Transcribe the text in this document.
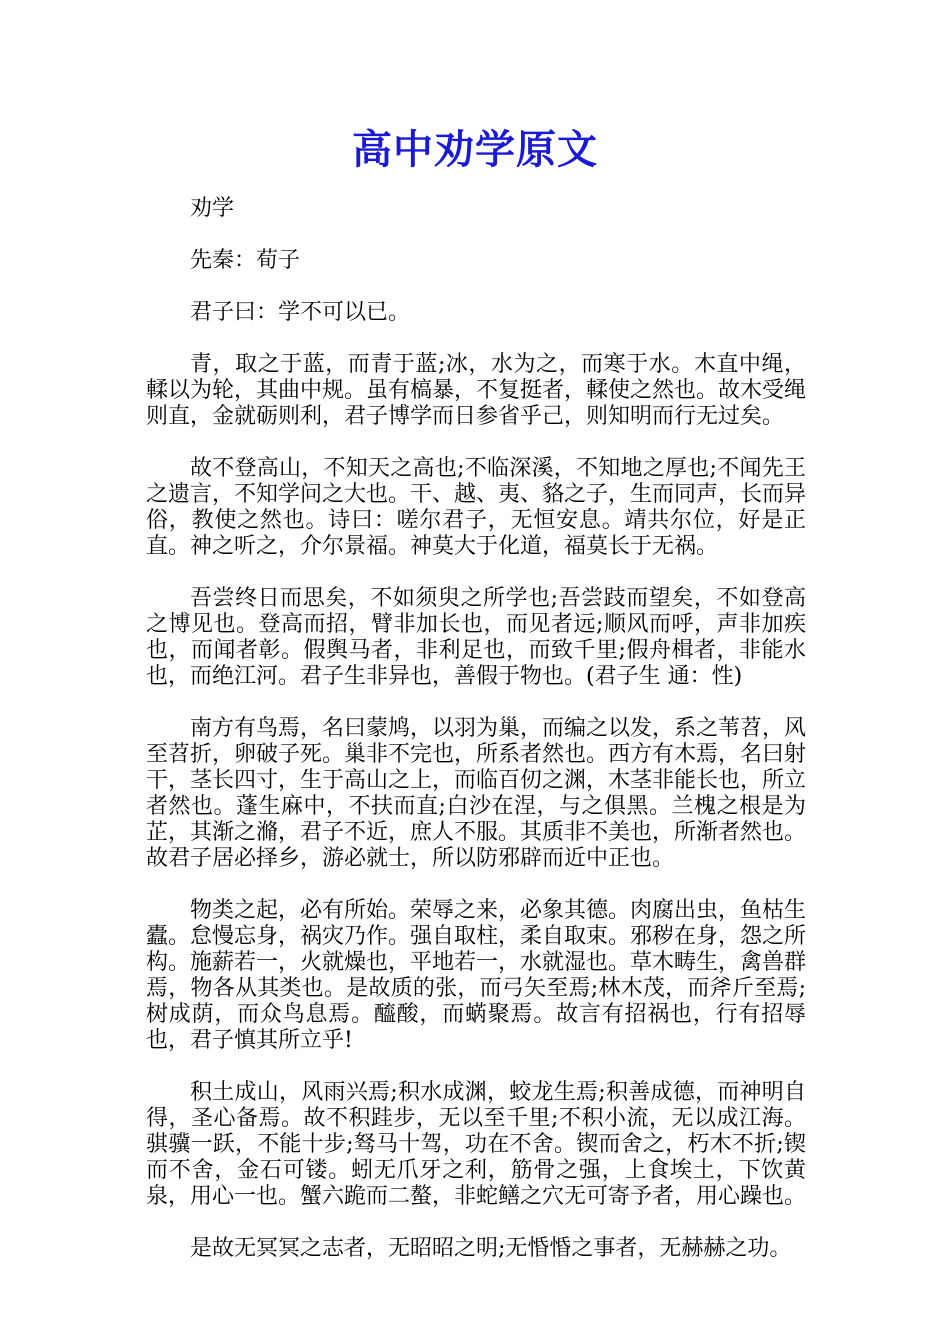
高中劝学原文

劝学

先秦：荀子

君子曰：学不可以已。

青，取之于蓝，而青于蓝;冰，水为之，而寒于水。木直中绳，輮以为轮，其曲中规。虽有槁暴，不复挺者，輮使之然也。故木受绳则直，金就砺则利，君子博学而日参省乎己，则知明而行无过矣。

故不登高山，不知天之高也;不临深溪，不知地之厚也;不闻先王之遗言，不知学问之大也。干、越、夷、貉之子，生而同声，长而异俗，教使之然也。诗曰：嗟尔君子，无恒安息。靖共尔位，好是正直。神之听之，介尔景福。神莫大于化道，福莫长于无祸。

吾尝终日而思矣，不如须臾之所学也;吾尝跂而望矣，不如登高之博见也。登高而招，臂非加长也，而见者远;顺风而呼，声非加疾也，而闻者彰。假舆马者，非利足也，而致千里;假舟楫者，非能水也，而绝江河。君子生非异也，善假于物也。(君子生 通：性)

南方有鸟焉，名曰蒙鸠，以羽为巢，而编之以发，系之苇苕，风至苕折，卵破子死。巢非不完也，所系者然也。西方有木焉，名曰射干，茎长四寸，生于高山之上，而临百仞之渊，木茎非能长也，所立者然也。蓬生麻中，不扶而直;白沙在涅，与之俱黑。兰槐之根是为芷，其渐之滫，君子不近，庶人不服。其质非不美也，所渐者然也。故君子居必择乡，游必就士，所以防邪辟而近中正也。

物类之起，必有所始。荣辱之来，必象其德。肉腐出虫，鱼枯生蠹。怠慢忘身，祸灾乃作。强自取柱，柔自取束。邪秽在身，怨之所构。施薪若一，火就燥也，平地若一，水就湿也。草木畴生，禽兽群焉，物各从其类也。是故质的张，而弓矢至焉;林木茂，而斧斤至焉;树成荫，而众鸟息焉。醯酸，而蜹聚焉。故言有招祸也，行有招辱也，君子慎其所立乎!

积土成山，风雨兴焉;积水成渊，蛟龙生焉;积善成德，而神明自得，圣心备焉。故不积跬步，无以至千里;不积小流，无以成江海。骐骥一跃，不能十步;驽马十驾，功在不舍。锲而舍之，朽木不折;锲而不舍，金石可镂。蚓无爪牙之利，筋骨之强，上食埃土，下饮黄泉，用心一也。蟹六跪而二螯，非蛇鳝之穴无可寄予者，用心躁也。

是故无冥冥之志者，无昭昭之明;无惛惛之事者，无赫赫之功。
